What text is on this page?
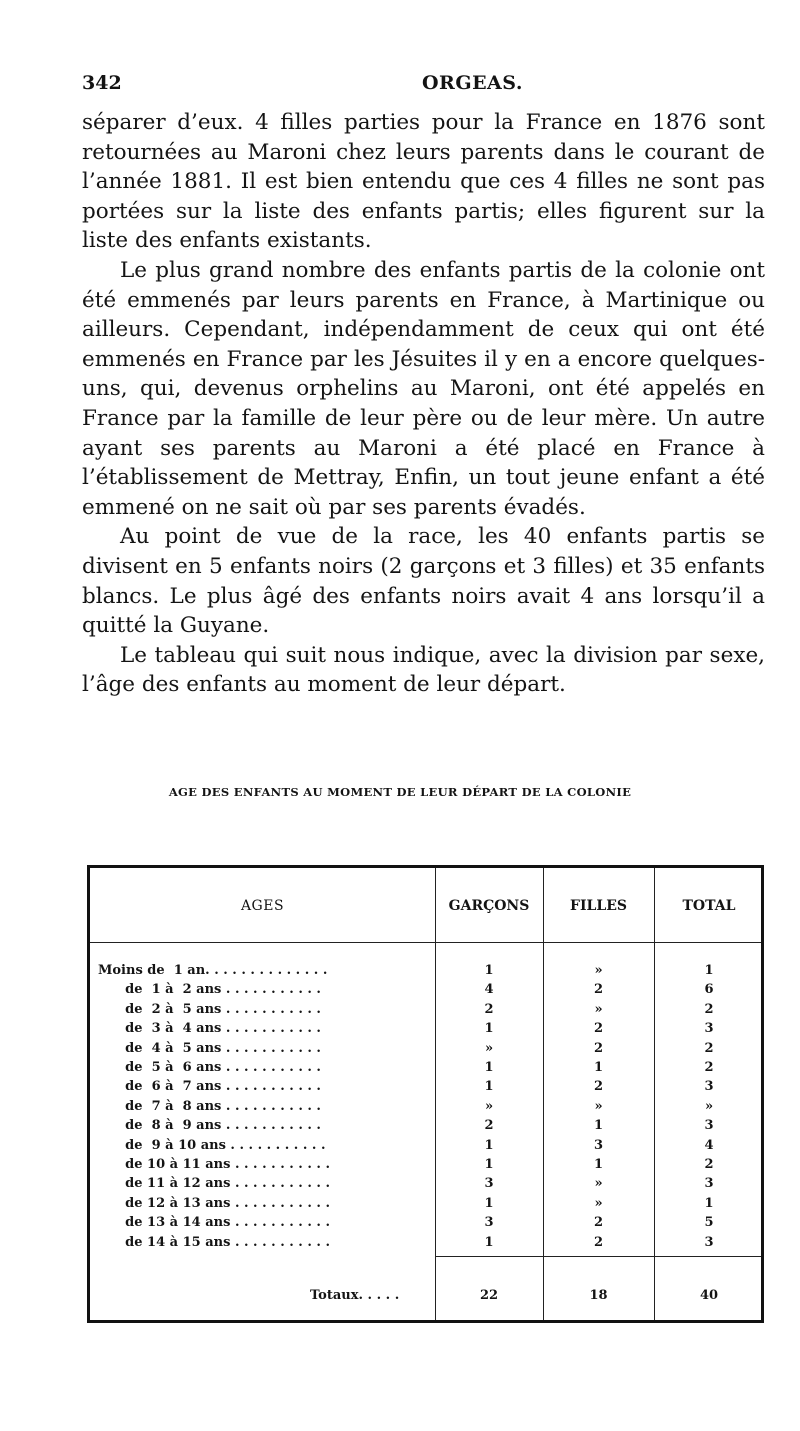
342	ORGEAS.

séparer d’eux. 4 filles parties pour la France en 1876 sont retournées au Maroni chez leurs parents dans le courant de l’année 1881. Il est bien entendu que ces 4 filles ne sont pas portées sur la liste des enfants partis; elles figurent sur la liste des enfants existants.

Le plus grand nombre des enfants partis de la colonie ont été emmenés par leurs parents en France, à Martinique ou ailleurs. Cependant, indépendamment de ceux qui ont été emmenés en France par les Jésuites il y en a encore quelques-uns, qui, devenus orphelins au Maroni, ont été appelés en France par la famille de leur père ou de leur mère. Un autre ayant ses parents au Maroni a été placé en France à l’établissement de Mettray, Enfin, un tout jeune enfant a été emmené on ne sait où par ses parents évadés.

Au point de vue de la race, les 40 enfants partis se divisent en 5 enfants noirs (2 garçons et 3 filles) et 35 enfants blancs. Le plus âgé des enfants noirs avait 4 ans lorsqu’il a quitté la Guyane.

Le tableau qui suit nous indique, avec la division par sexe, l’âge des enfants au moment de leur départ.

AGE DES ENFANTS AU MOMENT DE LEUR DÉPART DE LA COLONIE
AGES	GARÇONS	FILLES	TOTAL
Moins de  1 an. . . . . . . . . . . . . .	1	»	1
de  1 à  2 ans . . . . . . . . . . .	4	2	6
de  2 à  5 ans . . . . . . . . . . .	2	»	2
de  3 à  4 ans . . . . . . . . . . .	1	2	3
de  4 à  5 ans . . . . . . . . . . .	»	2	2
de  5 à  6 ans . . . . . . . . . . .	1	1	2
de  6 à  7 ans . . . . . . . . . . .	1	2	3
de  7 à  8 ans . . . . . . . . . . .	»	»	»
de  8 à  9 ans . . . . . . . . . . .	2	1	3
de  9 à 10 ans . . . . . . . . . . .	1	3	4
de 10 à 11 ans . . . . . . . . . . .	1	1	2
de 11 à 12 ans . . . . . . . . . . .	3	»	3
de 12 à 13 ans . . . . . . . . . . .	1	»	1
de 13 à 14 ans . . . . . . . . . . .	3	2	5
de 14 à 15 ans . . . . . . . . . . .	1	2	3
Totaux. . . . .	22	18	40
